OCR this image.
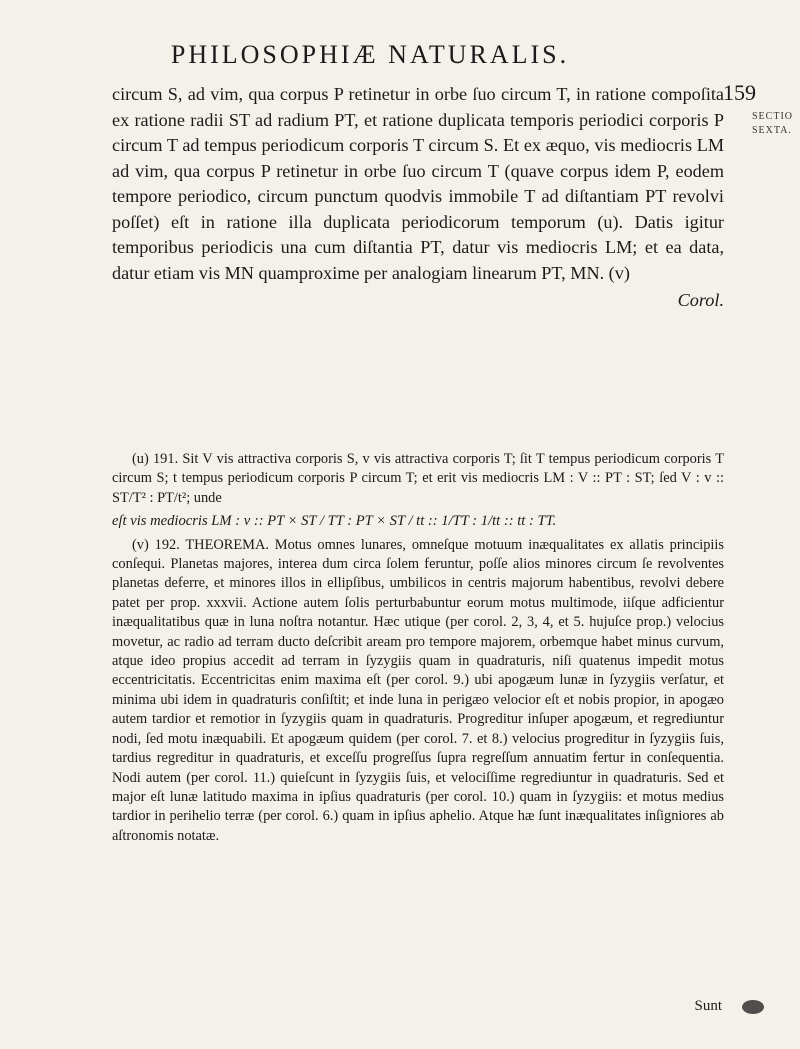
PHILOSOPHIÆ NATURALIS.
159
SECTIO SEXTA.

circum S, ad vim, qua corpus P retinetur in orbe ſuo circum T, in ratione compoſita ex ratione radii ST ad radium PT, et ratione duplicata temporis periodici corporis P circum T ad tempus periodicum corporis T circum S. Et ex æquo, vis mediocris LM ad vim, qua corpus P retinetur in orbe ſuo circum T (quave corpus idem P, eodem tempore periodico, circum punctum quodvis immobile T ad diſtantiam PT revolvi poſſet) eſt in ratione illa duplicata periodicorum temporum (u). Datis igitur temporibus periodicis una cum diſtantia PT, datur vis mediocris LM; et ea data, datur etiam vis MN quamproxime per analogiam linearum PT, MN. (v)

Corol.

(u) 191. Sit V vis attractiva corporis S, v vis attractiva corporis T; ſit T tempus periodicum corporis T circum S; t tempus periodicum corporis P circum T; et erit vis mediocris LM : V :: PT : ST; ſed V : v :: ST/T² : PT/t²; unde

eſt vis mediocris LM : v :: PT × ST / TT : PT × ST / tt :: 1/TT : 1/tt :: tt : TT.

(v) 192. THEOREMA. Motus omnes lunares, omneſque motuum inæqualitates ex allatis principiis conſequi. Planetas majores, interea dum circa ſolem feruntur, poſſe alios minores circum ſe revolventes planetas deferre, et minores illos in ellipſibus, umbilicos in centris majorum habentibus, revolvi debere patet per prop. xxxvii. Actione autem ſolis perturbabuntur eorum motus multimode, iiſque adficientur inæqualitatibus quæ in luna noſtra notantur. Hæc utique (per corol. 2, 3, 4, et 5. hujuſce prop.) velocius movetur, ac radio ad terram ducto deſcribit aream pro tempore majorem, orbemque habet minus curvum, atque ideo propius accedit ad terram in ſyzygiis quam in quadraturis, niſi quatenus impedit motus eccentricitatis. Eccentricitas enim maxima eſt (per corol. 9.) ubi apogæum lunæ in ſyzygiis verſatur, et minima ubi idem in quadraturis conſiſtit; et inde luna in perigæo velocior eſt et nobis propior, in apogæo autem tardior et remotior in ſyzygiis quam in quadraturis. Progreditur inſuper apogæum, et regrediuntur nodi, ſed motu inæquabili. Et apogæum quidem (per corol. 7. et 8.) velocius progreditur in ſyzygiis ſuis, tardius regreditur in quadraturis, et exceſſu progreſſus ſupra regreſſum annuatim fertur in conſequentia. Nodi autem (per corol. 11.) quieſcunt in ſyzygiis ſuis, et velociſſime regrediuntur in quadraturis. Sed et major eſt lunæ latitudo maxima in ipſius quadraturis (per corol. 10.) quam in ſyzygiis: et motus medius tardior in perihelio terræ (per corol. 6.) quam in ipſius aphelio. Atque hæ ſunt inæqualitates inſigniores ab aſtronomis notatæ.

Sunt
